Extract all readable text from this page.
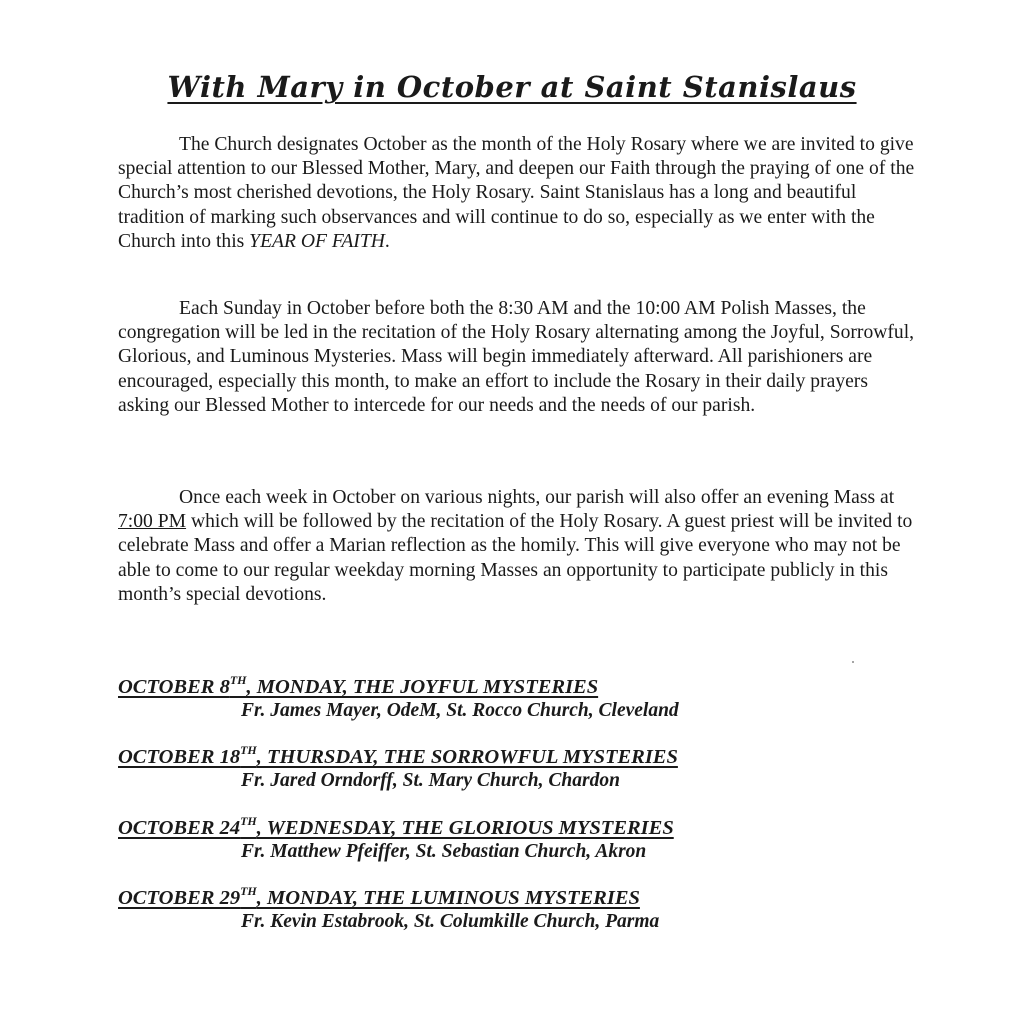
With Mary in October at Saint Stanislaus

The Church designates October as the month of the Holy Rosary where we are invited to give special attention to our Blessed Mother, Mary, and deepen our Faith through the praying of one of the Church’s most cherished devotions, the Holy Rosary. Saint Stanislaus has a long and beautiful tradition of marking such observances and will continue to do so, especially as we enter with the Church into this YEAR OF FAITH.

Each Sunday in October before both the 8:30 AM and the 10:00 AM Polish Masses, the congregation will be led in the recitation of the Holy Rosary alternating among the Joyful, Sorrowful, Glorious, and Luminous Mysteries. Mass will begin immediately afterward. All parishioners are encouraged, especially this month, to make an effort to include the Rosary in their daily prayers asking our Blessed Mother to intercede for our needs and the needs of our parish.

Once each week in October on various nights, our parish will also offer an evening Mass at 7:00 PM which will be followed by the recitation of the Holy Rosary. A guest priest will be invited to celebrate Mass and offer a Marian reflection as the homily. This will give everyone who may not be able to come to our regular weekday morning Masses an opportunity to participate publicly in this month’s special devotions.

OCTOBER 8TH, MONDAY, THE JOYFUL MYSTERIES
Fr. James Mayer, OdeM, St. Rocco Church, Cleveland
OCTOBER 18TH, THURSDAY, THE SORROWFUL MYSTERIES
Fr. Jared Orndorff, St. Mary Church, Chardon
OCTOBER 24TH, WEDNESDAY, THE GLORIOUS MYSTERIES
Fr. Matthew Pfeiffer, St. Sebastian Church, Akron
OCTOBER 29TH, MONDAY, THE LUMINOUS MYSTERIES
Fr. Kevin Estabrook, St. Columkille Church, Parma
